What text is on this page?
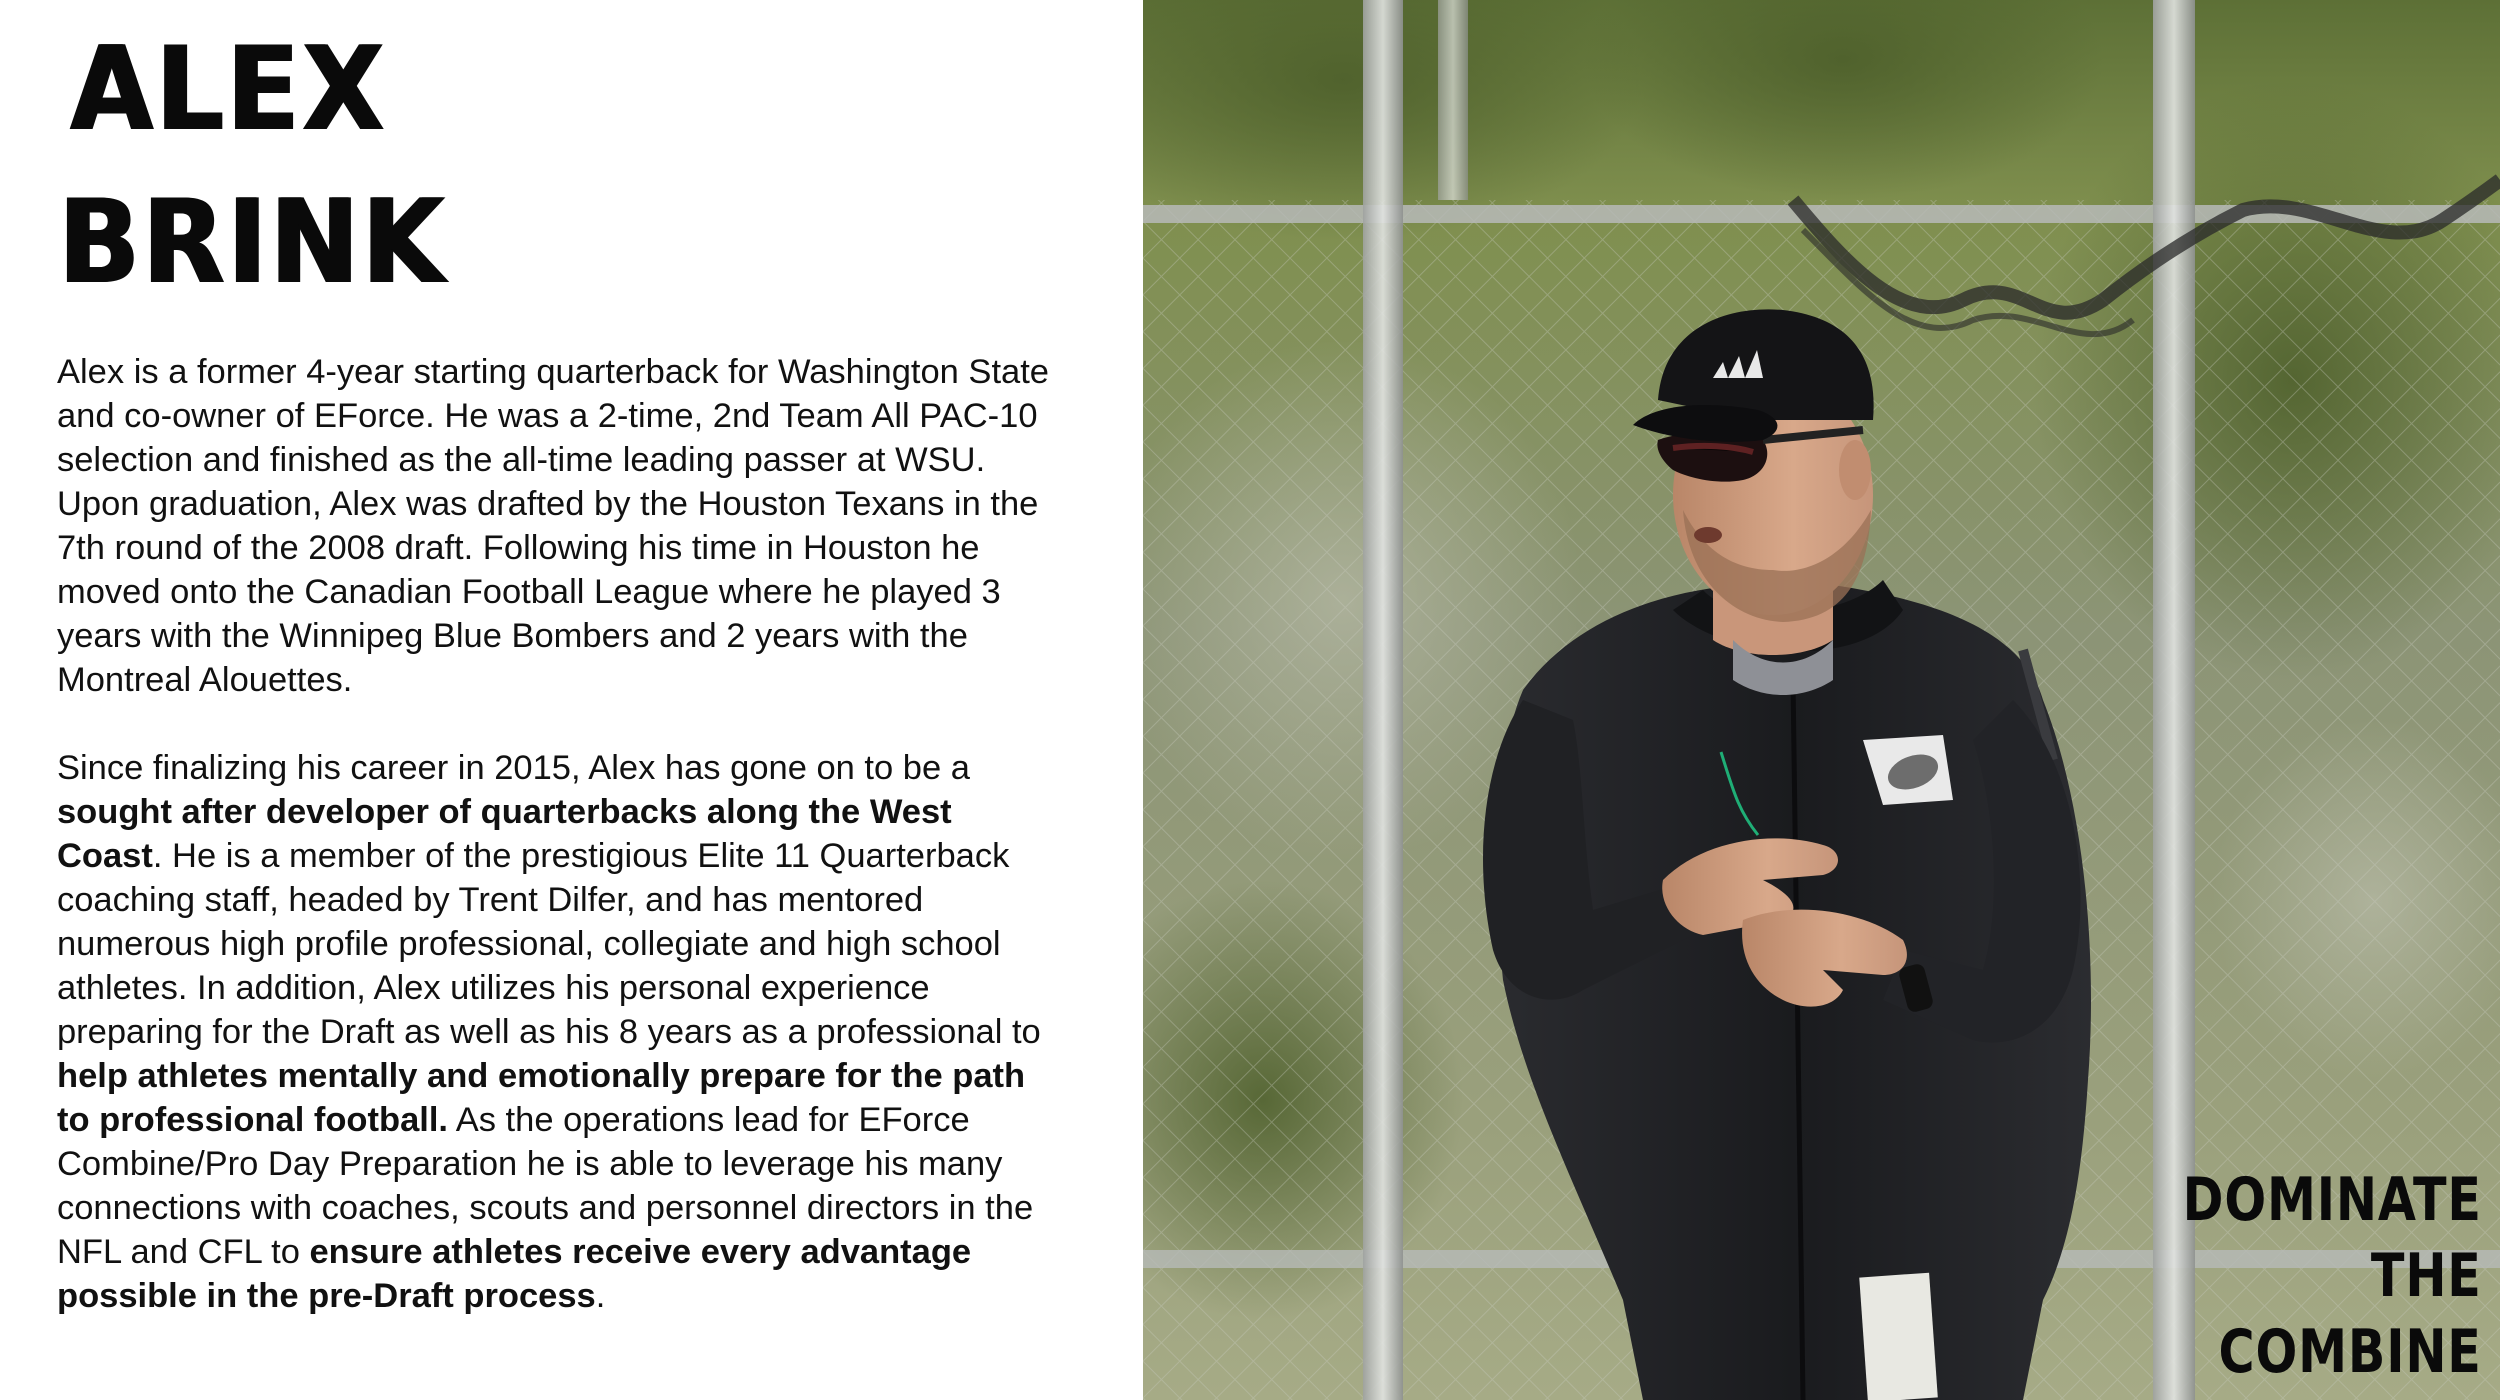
ALEX
BRINK

Alex is a former 4-year starting quarterback for Washington State and co-owner of EForce. He was a 2-time, 2nd Team All PAC-10 selection and finished as the all-time leading passer at WSU. Upon graduation, Alex was drafted by the Houston Texans in the 7th round of the 2008 draft. Following his time in Houston he moved onto the Canadian Football League where he played 3 years with the Winnipeg Blue Bombers and 2 years with the Montreal Alouettes.

Since finalizing his career in 2015, Alex has gone on to be a sought after developer of quarterbacks along the West Coast. He is a member of the prestigious Elite 11 Quarterback coaching staff, headed by Trent Dilfer, and has mentored numerous high profile professional, collegiate and high school athletes. In addition, Alex utilizes his personal experience preparing for the Draft as well as his 8 years as a professional to help athletes mentally and emotionally prepare for the path to professional football. As the operations lead for EForce Combine/Pro Day Preparation he is able to leverage his many connections with coaches, scouts and personnel directors in the NFL and CFL to ensure athletes receive every advantage possible in the pre-Draft process.

DOMINATE
THE
COMBINE
